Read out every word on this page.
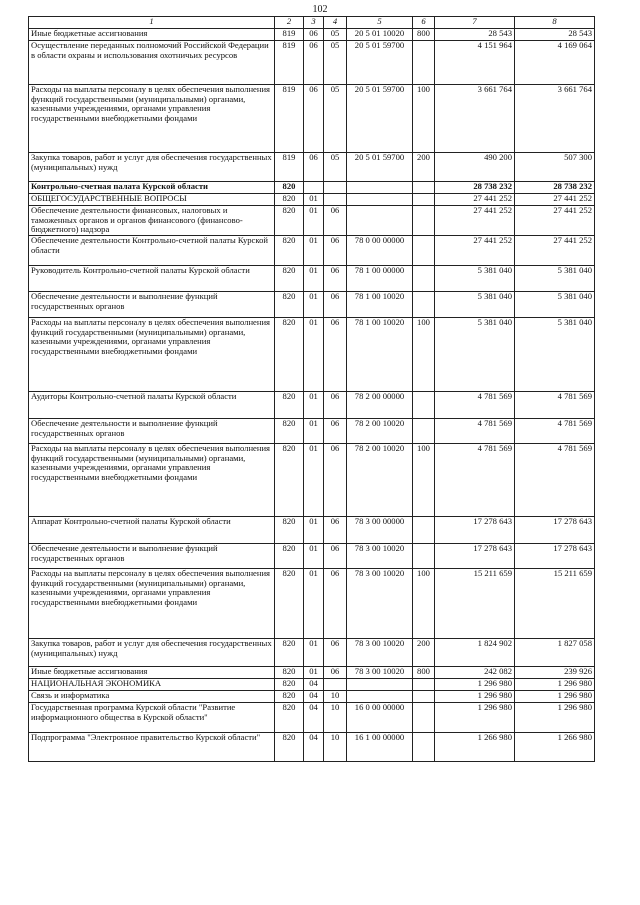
102
1	2	3	4	5	6	7	8
Иные бюджетные ассигнования	819	06	05	20 5 01 10020	800	28 543	28 543
Осуществление переданных полномочий Российской Федерации в области охраны и использования охотничьих ресурсов	819	06	05	20 5 01 59700		4 151 964	4 169 064
Расходы на выплаты персоналу в целях обеспечения выполнения функций государственными (муниципальными) органами, казенными учреждениями, органами управления государственными внебюджетными фондами	819	06	05	20 5 01 59700	100	3 661 764	3 661 764
Закупка товаров, работ и услуг для обеспечения государственных (муниципальных) нужд	819	06	05	20 5 01 59700	200	490 200	507 300
Контрольно-счетная палата Курской области	820					28 738 232	28 738 232
ОБЩЕГОСУДАРСТВЕННЫЕ ВОПРОСЫ	820	01				27 441 252	27 441 252
Обеспечение деятельности финансовых, налоговых и таможенных органов и органов финансового (финансово-бюджетного) надзора	820	01	06			27 441 252	27 441 252
Обеспечение деятельности Контрольно-счетной палаты Курской области	820	01	06	78 0 00 00000		27 441 252	27 441 252
Руководитель Контрольно-счетной палаты Курской области	820	01	06	78 1 00 00000		5 381 040	5 381 040
Обеспечение деятельности и выполнение функций государственных органов	820	01	06	78 1 00 10020		5 381 040	5 381 040
Расходы на выплаты персоналу в целях обеспечения выполнения функций государственными (муниципальными) органами, казенными учреждениями, органами управления государственными внебюджетными фондами	820	01	06	78 1 00 10020	100	5 381 040	5 381 040
Аудиторы Контрольно-счетной палаты Курской области	820	01	06	78 2 00 00000		4 781 569	4 781 569
Обеспечение деятельности и выполнение функций государственных органов	820	01	06	78 2 00 10020		4 781 569	4 781 569
Расходы на выплаты персоналу в целях обеспечения выполнения функций государственными (муниципальными) органами, казенными учреждениями, органами управления государственными внебюджетными фондами	820	01	06	78 2 00 10020	100	4 781 569	4 781 569
Аппарат Контрольно-счетной палаты Курской области	820	01	06	78 3 00 00000		17 278 643	17 278 643
Обеспечение деятельности и выполнение функций государственных органов	820	01	06	78 3 00 10020		17 278 643	17 278 643
Расходы на выплаты персоналу в целях обеспечения выполнения функций государственными (муниципальными) органами, казенными учреждениями, органами управления государственными внебюджетными фондами	820	01	06	78 3 00 10020	100	15 211 659	15 211 659
Закупка товаров, работ и услуг для обеспечения государственных (муниципальных) нужд	820	01	06	78 3 00 10020	200	1 824 902	1 827 058
Иные бюджетные ассигнования	820	01	06	78 3 00 10020	800	242 082	239 926
НАЦИОНАЛЬНАЯ ЭКОНОМИКА	820	04				1 296 980	1 296 980
Связь и информатика	820	04	10			1 296 980	1 296 980
Государственная программа Курской области "Развитие информационного общества в Курской области"	820	04	10	16 0 00 00000		1 296 980	1 296 980
Подпрограмма "Электронное правительство Курской области"	820	04	10	16 1 00 00000		1 266 980	1 266 980
